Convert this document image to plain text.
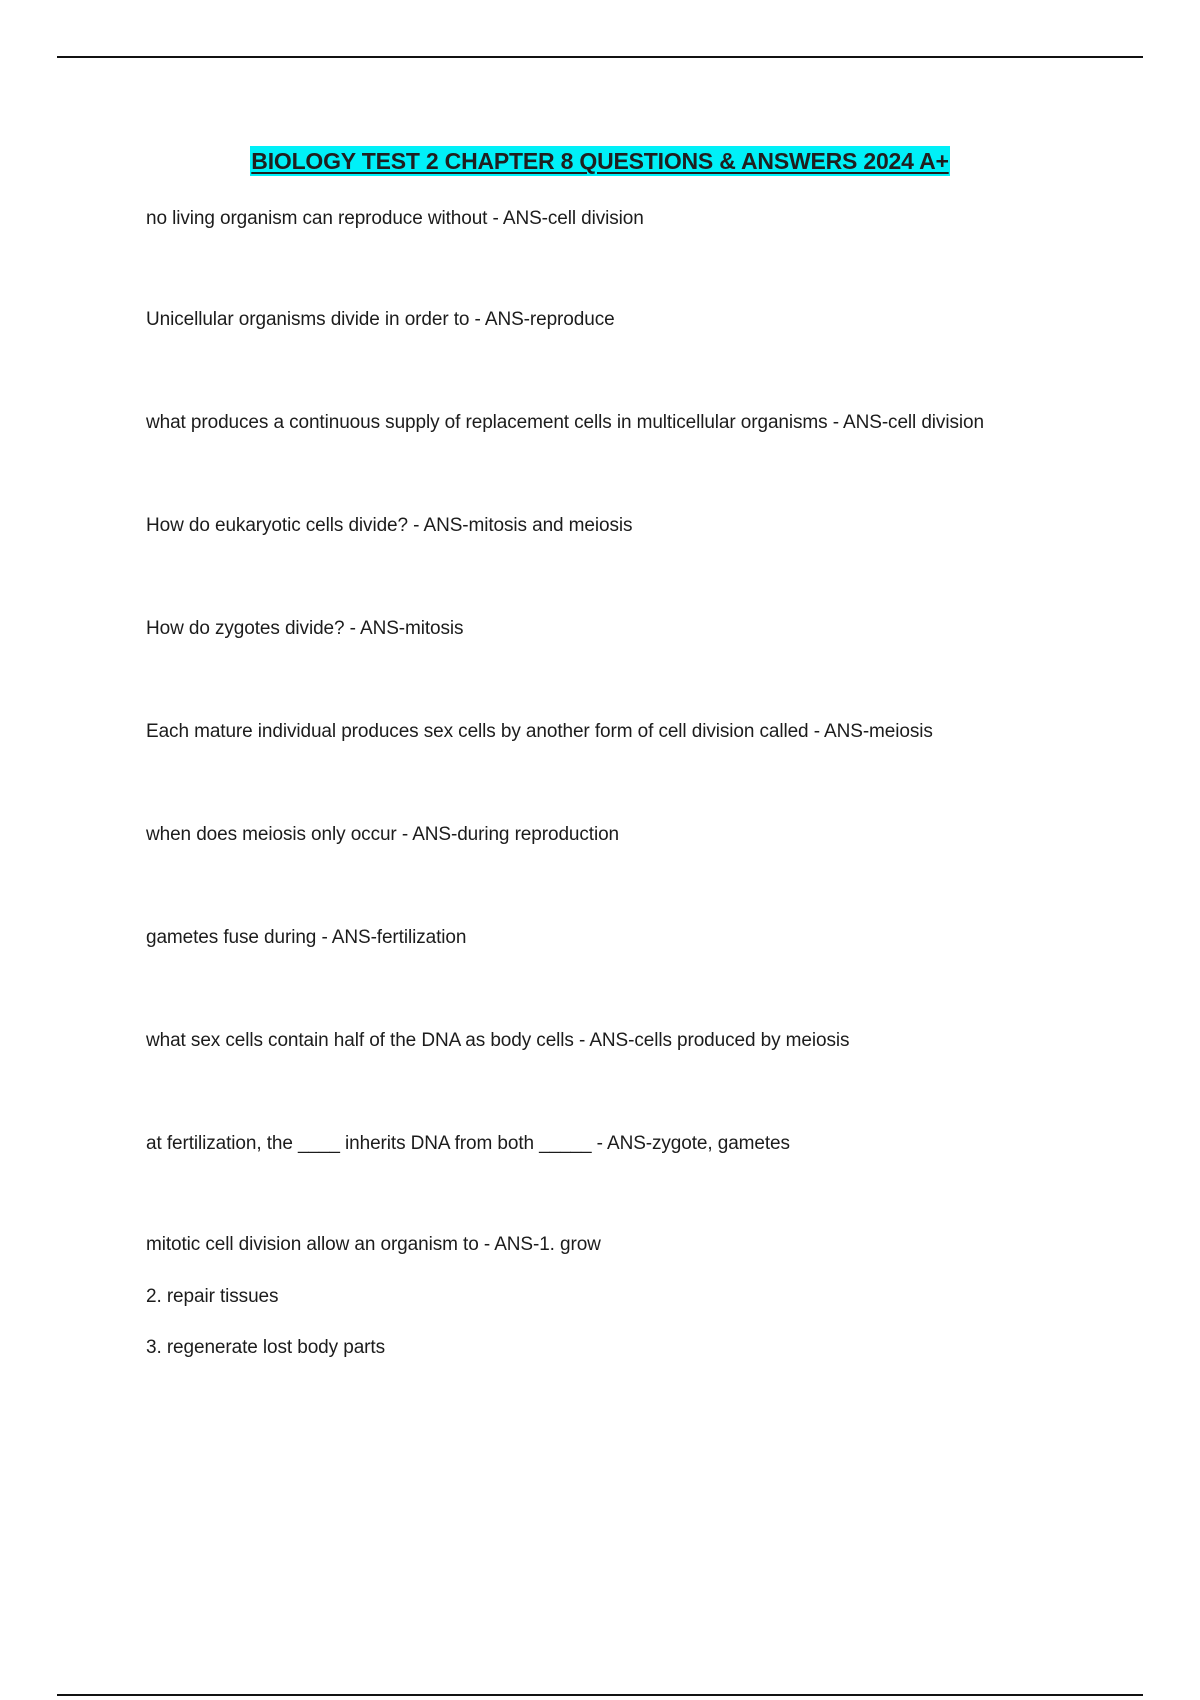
BIOLOGY TEST 2 CHAPTER 8 QUESTIONS & ANSWERS 2024 A+
no living organism can reproduce without - ANS-cell division
Unicellular organisms divide in order to - ANS-reproduce
what produces a continuous supply of replacement cells in multicellular organisms - ANS-cell division
How do eukaryotic cells divide? - ANS-mitosis and meiosis
How do zygotes divide? - ANS-mitosis
Each mature individual produces sex cells by another form of cell division called - ANS-meiosis
when does meiosis only occur - ANS-during reproduction
gametes fuse during - ANS-fertilization
what sex cells contain half of the DNA as body cells - ANS-cells produced by meiosis
at fertilization, the ____ inherits DNA from both _____ - ANS-zygote, gametes
mitotic cell division allow an organism to - ANS-1. grow
2. repair tissues
3. regenerate lost body parts
